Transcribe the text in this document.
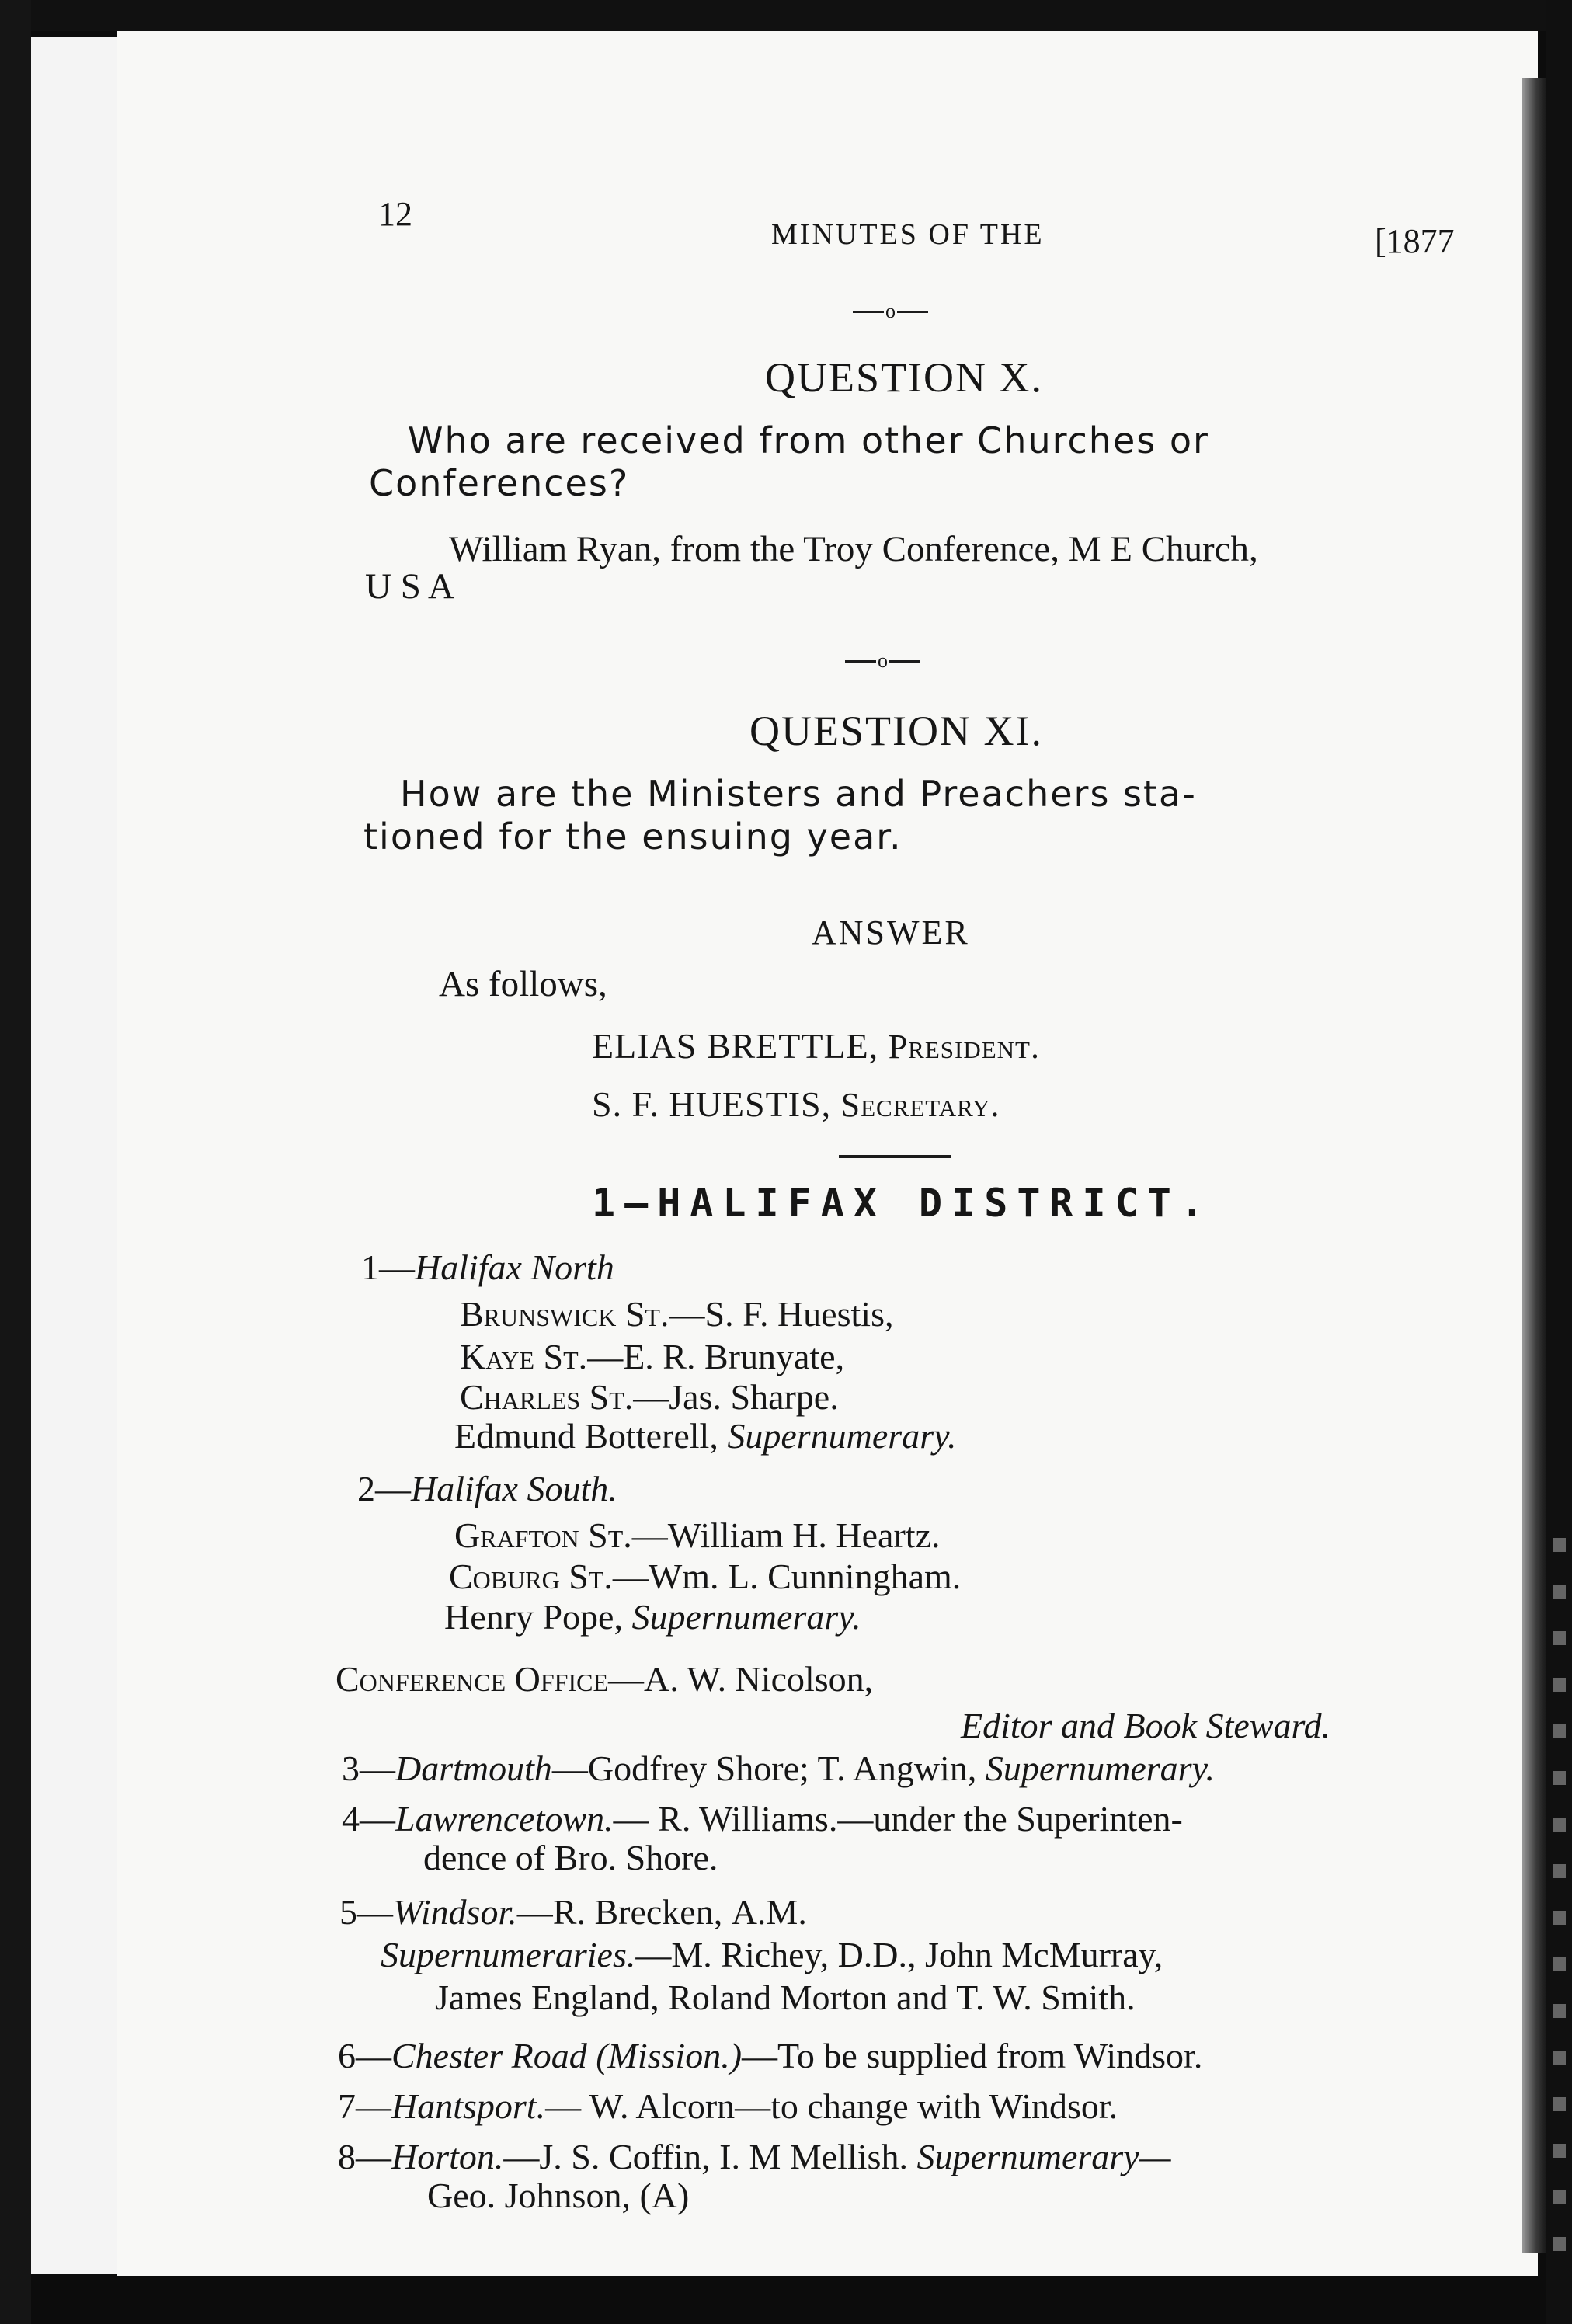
12
MINUTES OF THE	[1877
o
QUESTION X.
Who are received from other Churches or
Conferences?
William Ryan, from the Troy Conference, M E Church,
U S A
o
QUESTION XI.
How are the Ministers and Preachers sta-
tioned for the ensuing year.
ANSWER
As follows,
ELIAS BRETTLE, President.
S. F. HUESTIS, Secretary.
1—HALIFAX DISTRICT.
1—Halifax North
Brunswick St.—S. F. Huestis,
Kaye St.—E. R. Brunyate,
Charles St.—Jas. Sharpe.
Edmund Botterell, Supernumerary.
2—Halifax South.
Grafton St.—William H. Heartz.
Coburg St.—Wm. L. Cunningham.
Henry Pope, Supernumerary.
Conference Office—A. W. Nicolson,
Editor and Book Steward.
3—Dartmouth—Godfrey Shore; T. Angwin, Supernumerary.
4—Lawrencetown.— R. Williams.—under the Superinten-
dence of Bro. Shore.
5—Windsor.—R. Brecken, A.M.
Supernumeraries.—M. Richey, D.D., John McMurray,
James England, Roland Morton and T. W. Smith.
6—Chester Road (Mission.)—To be supplied from Windsor.
7—Hantsport.— W. Alcorn—to change with Windsor.
8—Horton.—J. S. Coffin, I. M Mellish. Supernumerary—
Geo. Johnson, (A)
